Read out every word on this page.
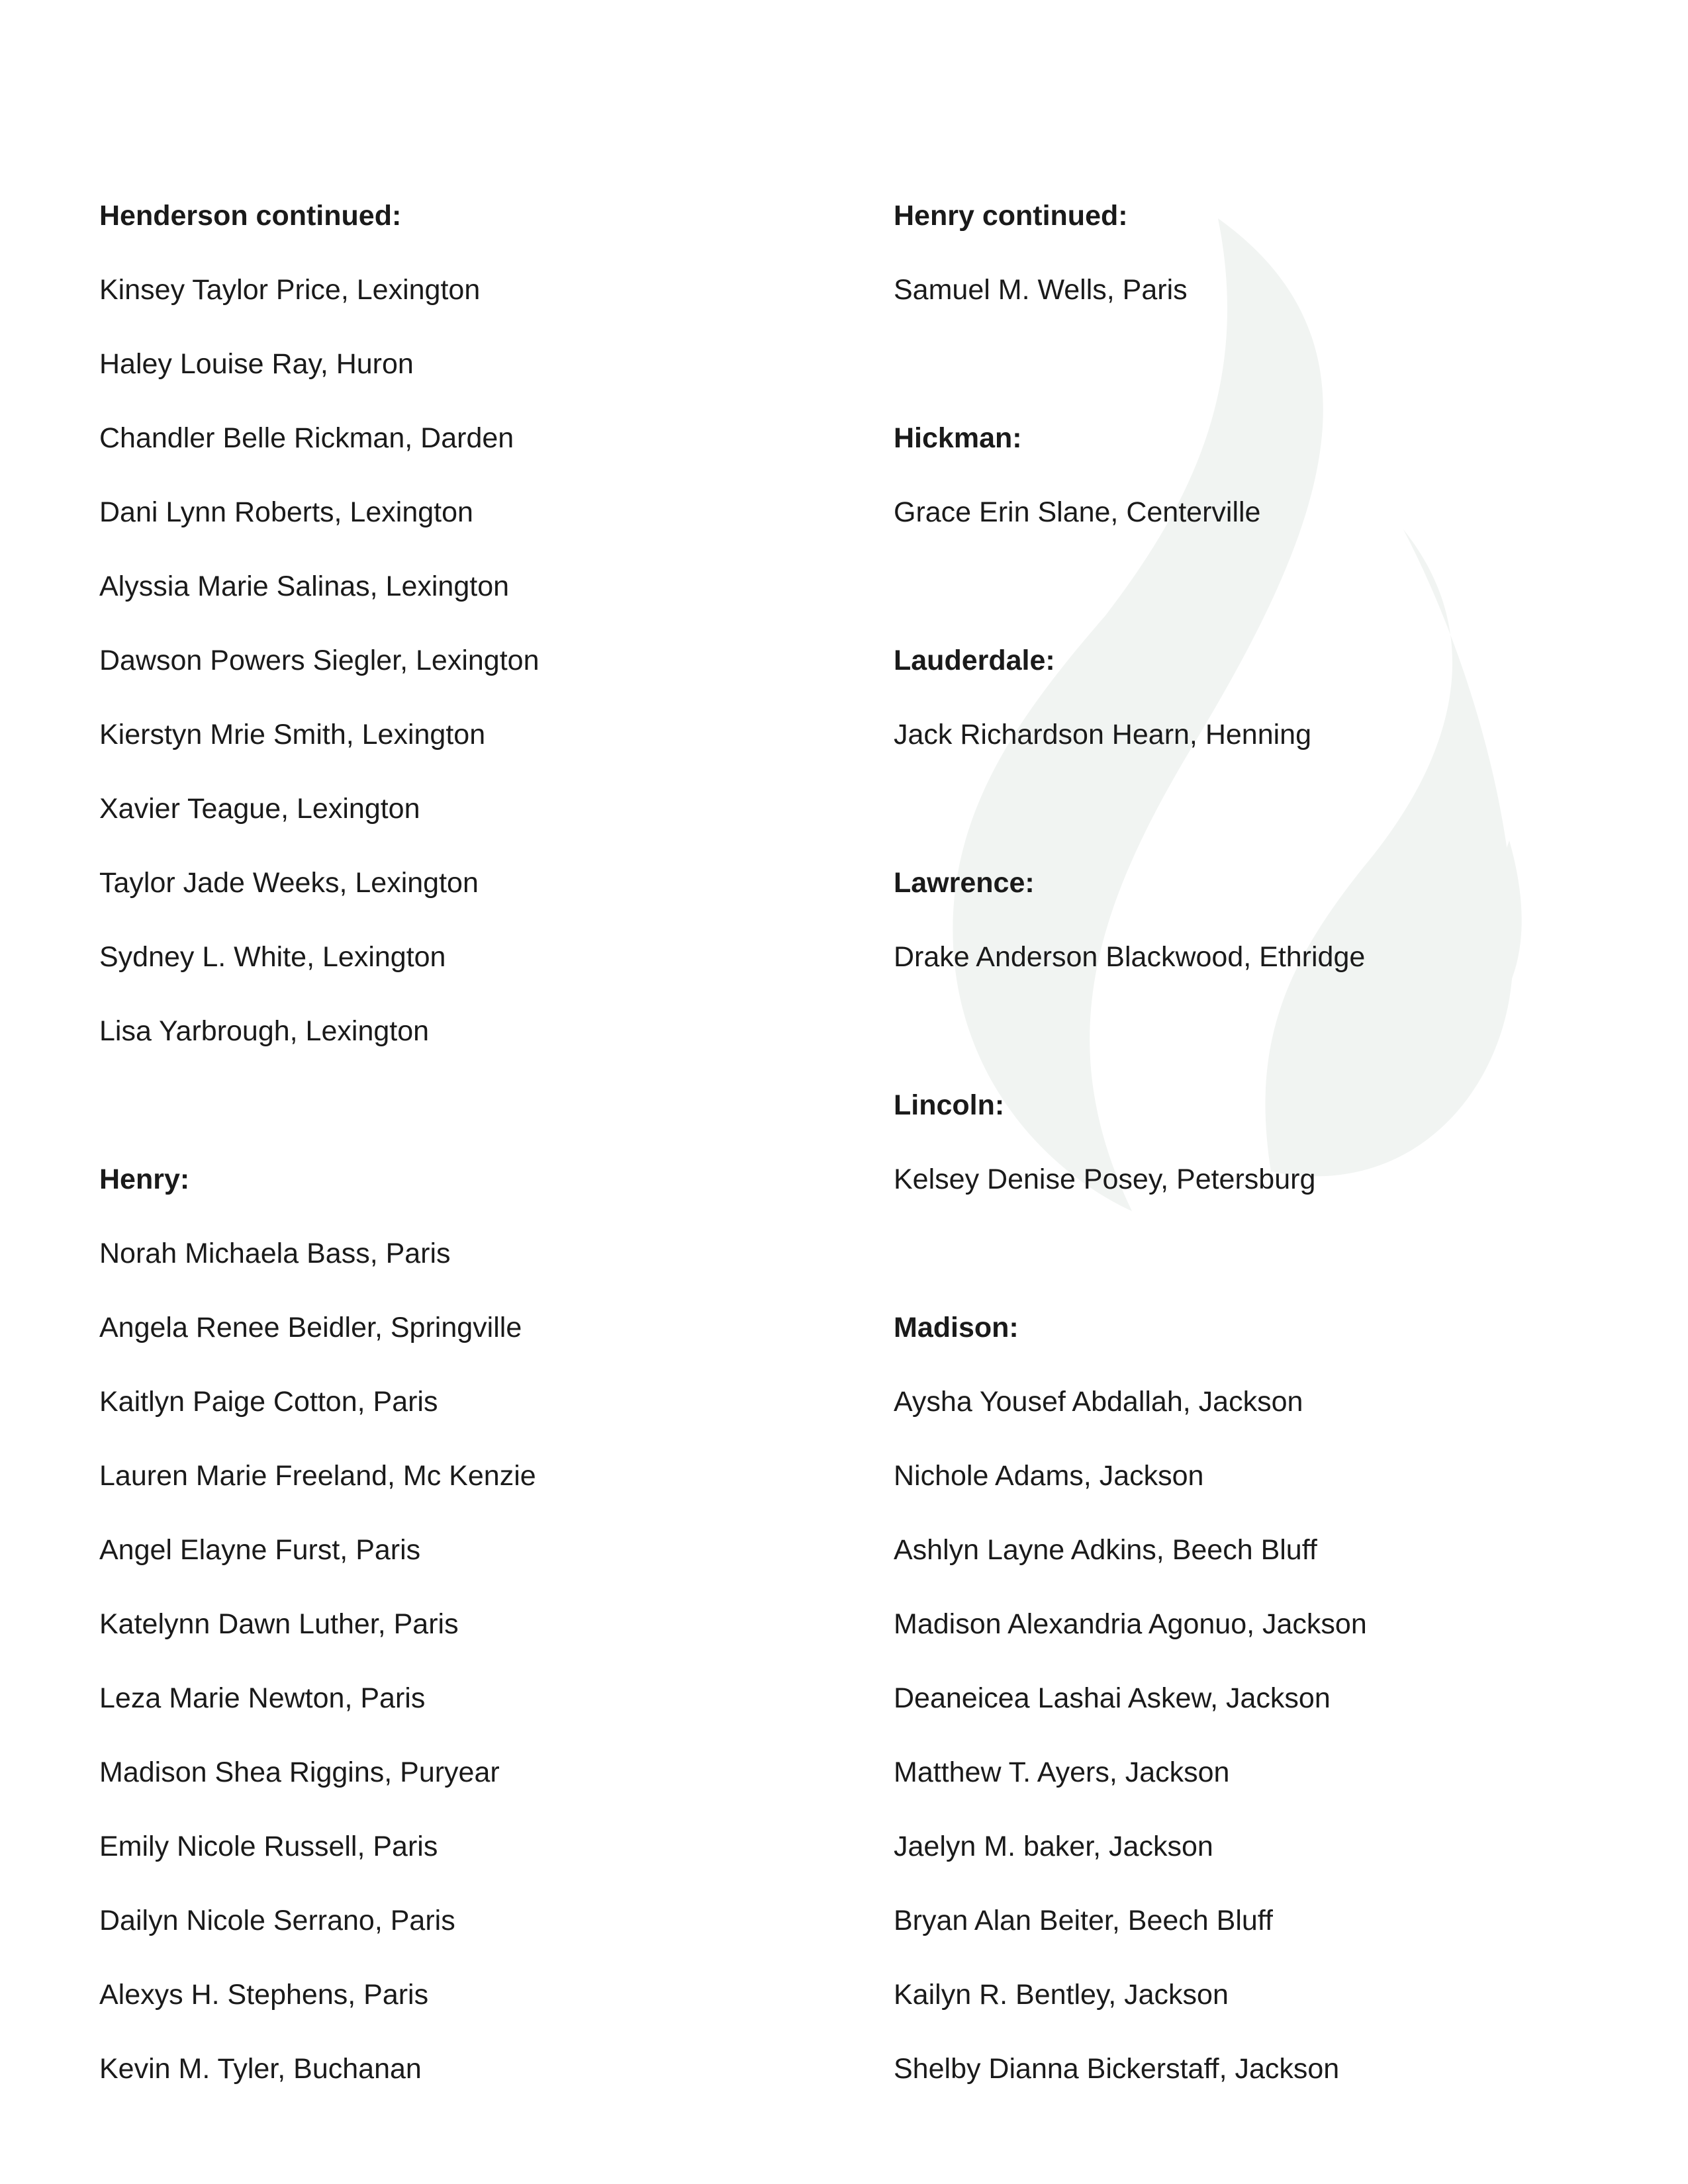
Henderson continued:
Kinsey Taylor Price, Lexington
Haley Louise Ray, Huron
Chandler Belle Rickman, Darden
Dani Lynn Roberts, Lexington
Alyssia Marie Salinas, Lexington
Dawson Powers Siegler, Lexington
Kierstyn Mrie Smith, Lexington
Xavier Teague, Lexington
Taylor Jade Weeks, Lexington
Sydney L. White, Lexington
Lisa Yarbrough, Lexington
Henry:
Norah Michaela Bass, Paris
Angela Renee Beidler, Springville
Kaitlyn Paige Cotton, Paris
Lauren Marie Freeland, Mc Kenzie
Angel Elayne Furst, Paris
Katelynn Dawn Luther, Paris
Leza Marie Newton, Paris
Madison Shea Riggins, Puryear
Emily Nicole Russell, Paris
Dailyn Nicole Serrano, Paris
Alexys H. Stephens, Paris
Kevin M. Tyler, Buchanan
Henry continued:
Samuel M. Wells, Paris
Hickman:
Grace Erin Slane, Centerville
Lauderdale:
Jack Richardson Hearn, Henning
Lawrence:
Drake Anderson Blackwood, Ethridge
Lincoln:
Kelsey Denise Posey, Petersburg
Madison:
Aysha Yousef Abdallah, Jackson
Nichole Adams, Jackson
Ashlyn Layne Adkins, Beech Bluff
Madison Alexandria Agonuo, Jackson
Deaneicea Lashai Askew, Jackson
Matthew T. Ayers, Jackson
Jaelyn M. baker, Jackson
Bryan Alan Beiter, Beech Bluff
Kailyn R. Bentley, Jackson
Shelby Dianna Bickerstaff, Jackson
